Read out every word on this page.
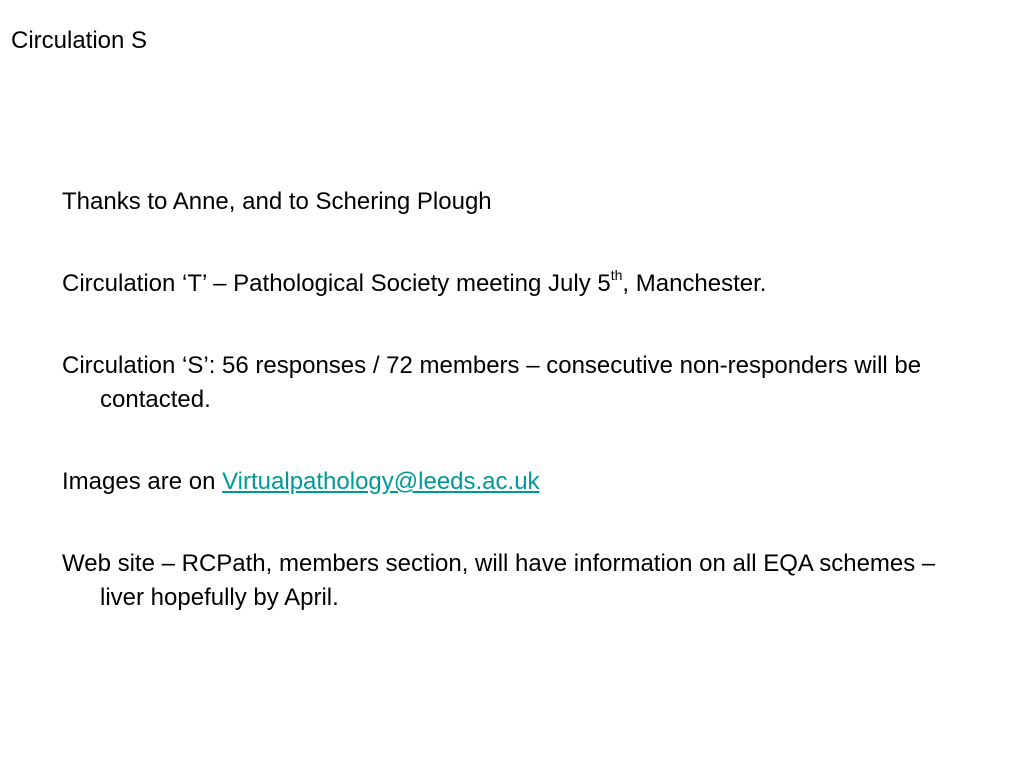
Circulation S

Thanks to Anne, and to Schering Plough

Circulation ‘T’ – Pathological Society meeting July 5th, Manchester.

Circulation ‘S’: 56 responses / 72 members – consecutive non-responders will be contacted.

Images are on Virtualpathology@leeds.ac.uk

Web site – RCPath, members section, will have information on all EQA schemes – liver hopefully by April.
